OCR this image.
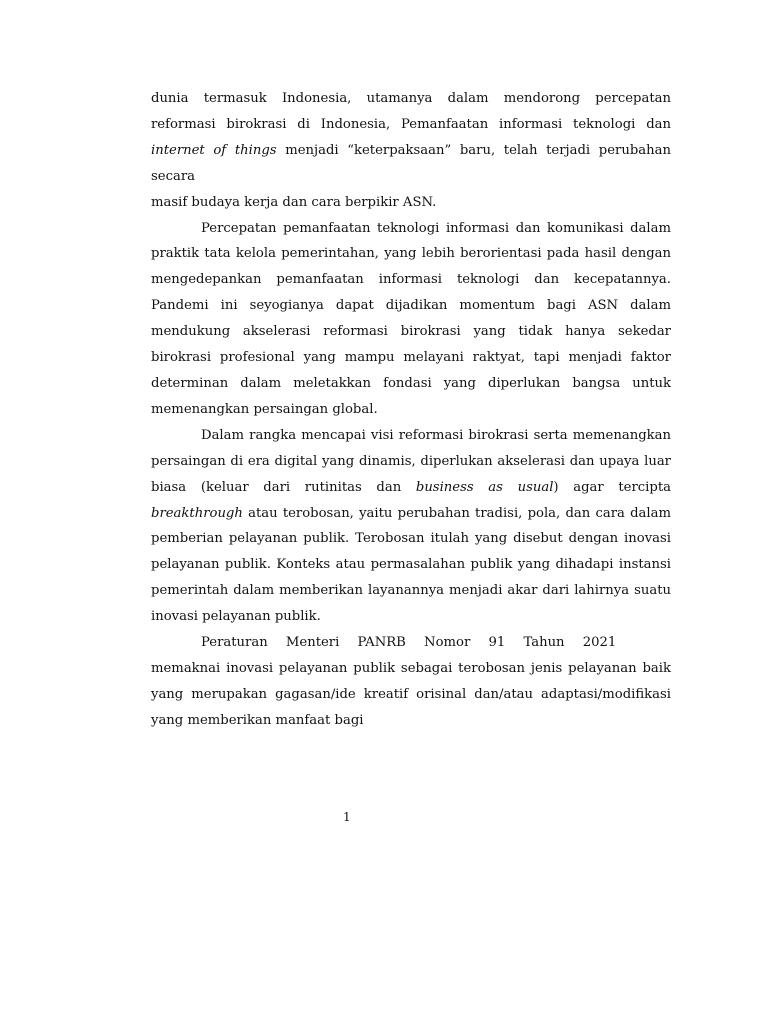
dunia termasuk Indonesia, utamanya dalam mendorong percepatan
reformasi birokrasi di Indonesia, Pemanfaatan informasi teknologi dan
internet of things menjadi “keterpaksaan” baru, telah terjadi perubahan secara
masif budaya kerja dan cara berpikir ASN.

Percepatan pemanfaatan teknologi informasi dan komunikasi dalam praktik tata kelola pemerintahan, yang lebih berorientasi pada hasil dengan mengedepankan pemanfaatan informasi teknologi dan kecepatannya. Pandemi ini seyogianya dapat dijadikan momentum bagi ASN dalam mendukung akselerasi reformasi birokrasi yang tidak hanya sekedar birokrasi profesional yang mampu melayani raktyat, tapi menjadi faktor determinan dalam meletakkan fondasi yang diperlukan bangsa untuk memenangkan persaingan global.

Dalam rangka mencapai visi reformasi birokrasi serta memenangkan persaingan di era digital yang dinamis, diperlukan akselerasi dan upaya luar biasa (keluar dari rutinitas dan business as usual) agar tercipta breakthrough atau terobosan, yaitu perubahan tradisi, pola, dan cara dalam pemberian pelayanan publik. Terobosan itulah yang disebut dengan inovasi pelayanan publik. Konteks atau permasalahan publik yang dihadapi instansi pemerintah dalam memberikan layanannya menjadi akar dari lahirnya suatu inovasi pelayanan publik.

Peraturan Menteri PANRB Nomor 91 Tahun 2021
memaknai inovasi pelayanan publik sebagai terobosan jenis pelayanan baik yang merupakan gagasan/ide kreatif orisinal dan/atau adaptasi/modifikasi yang memberikan manfaat bagi

1
